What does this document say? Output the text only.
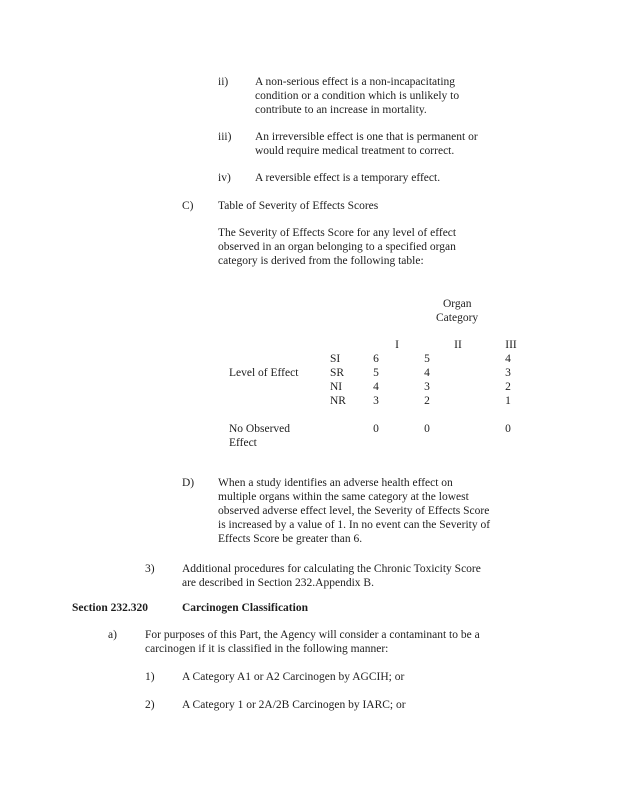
ii) A non-serious effect is a non-incapacitating
condition or a condition which is unlikely to
contribute to an increase in mortality.
iii) An irreversible effect is one that is permanent or
would require medical treatment to correct.
iv) A reversible effect is a temporary effect.
C) Table of Severity of Effects Scores
The Severity of Effects Score for any level of effect
observed in an organ belonging to a specified organ
category is derived from the following table:
Organ
Category
I	II	III
Level of Effect
SI	6	5	4
SR	5	4	3
NI	4	3	2
NR	3	2	1
No Observed
Effect
0	0	0
D) When a study identifies an adverse health effect on
multiple organs within the same category at the lowest
observed adverse effect level, the Severity of Effects Score
is increased by a value of 1. In no event can the Severity of
Effects Score be greater than 6.
3) Additional procedures for calculating the Chronic Toxicity Score
are described in Section 232.Appendix B.
Section 232.320	Carcinogen Classification
a) For purposes of this Part, the Agency will consider a contaminant to be a
carcinogen if it is classified in the following manner:
1) A Category A1 or A2 Carcinogen by AGCIH; or
2) A Category 1 or 2A/2B Carcinogen by IARC; or
